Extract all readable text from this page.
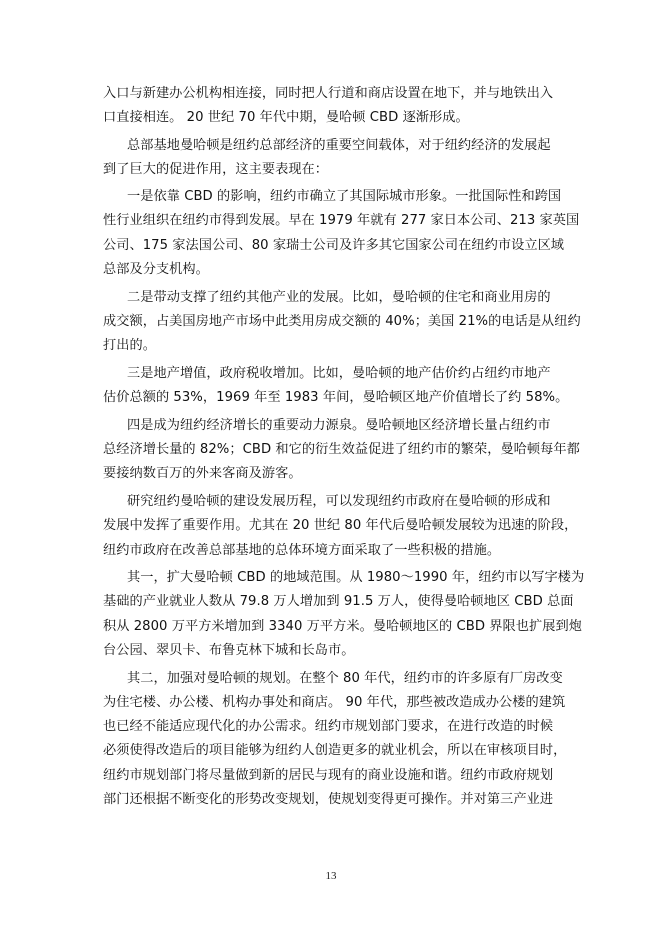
入口与新建办公机构相连接，同时把人行道和商店设置在地下，并与地铁出入
口直接相连。 20 世纪 70 年代中期，曼哈顿 CBD 逐渐形成。
总部基地曼哈顿是纽约总部经济的重要空间载体，对于纽约经济的发展起
到了巨大的促进作用，这主要表现在：
一是依靠 CBD 的影响，纽约市确立了其国际城市形象。一批国际性和跨国
性行业组织在纽约市得到发展。早在 1979 年就有 277 家日本公司、213 家英国
公司、175 家法国公司、80 家瑞士公司及许多其它国家公司在纽约市设立区域
总部及分支机构。
二是带动支撑了纽约其他产业的发展。比如，曼哈顿的住宅和商业用房的
成交额，占美国房地产市场中此类用房成交额的 40%；美国 21%的电话是从纽约
打出的。
三是地产增值，政府税收增加。比如，曼哈顿的地产估价约占纽约市地产
估价总额的 53%，1969 年至 1983 年间，曼哈顿区地产价值增长了约 58%。
四是成为纽约经济增长的重要动力源泉。曼哈顿地区经济增长量占纽约市
总经济增长量的 82%；CBD 和它的衍生效益促进了纽约市的繁荣，曼哈顿每年都
要接纳数百万的外来客商及游客。
研究纽约曼哈顿的建设发展历程，可以发现纽约市政府在曼哈顿的形成和
发展中发挥了重要作用。尤其在 20 世纪 80 年代后曼哈顿发展较为迅速的阶段，
纽约市政府在改善总部基地的总体环境方面采取了一些积极的措施。
其一，扩大曼哈顿 CBD 的地域范围。从 1980～1990 年，纽约市以写字楼为
基础的产业就业人数从 79.8 万人增加到 91.5 万人，使得曼哈顿地区 CBD 总面
积从 2800 万平方米增加到 3340 万平方米。曼哈顿地区的 CBD 界限也扩展到炮
台公园、翠贝卡、布鲁克林下城和长岛市。
其二，加强对曼哈顿的规划。在整个 80 年代，纽约市的许多原有厂房改变
为住宅楼、办公楼、机构办事处和商店。 90 年代，那些被改造成办公楼的建筑
也已经不能适应现代化的办公需求。纽约市规划部门要求，在进行改造的时候
必须使得改造后的项目能够为纽约人创造更多的就业机会，所以在审核项目时，
纽约市规划部门将尽量做到新的居民与现有的商业设施和谐。纽约市政府规划
部门还根据不断变化的形势改变规划，使规划变得更可操作。并对第三产业进
13
